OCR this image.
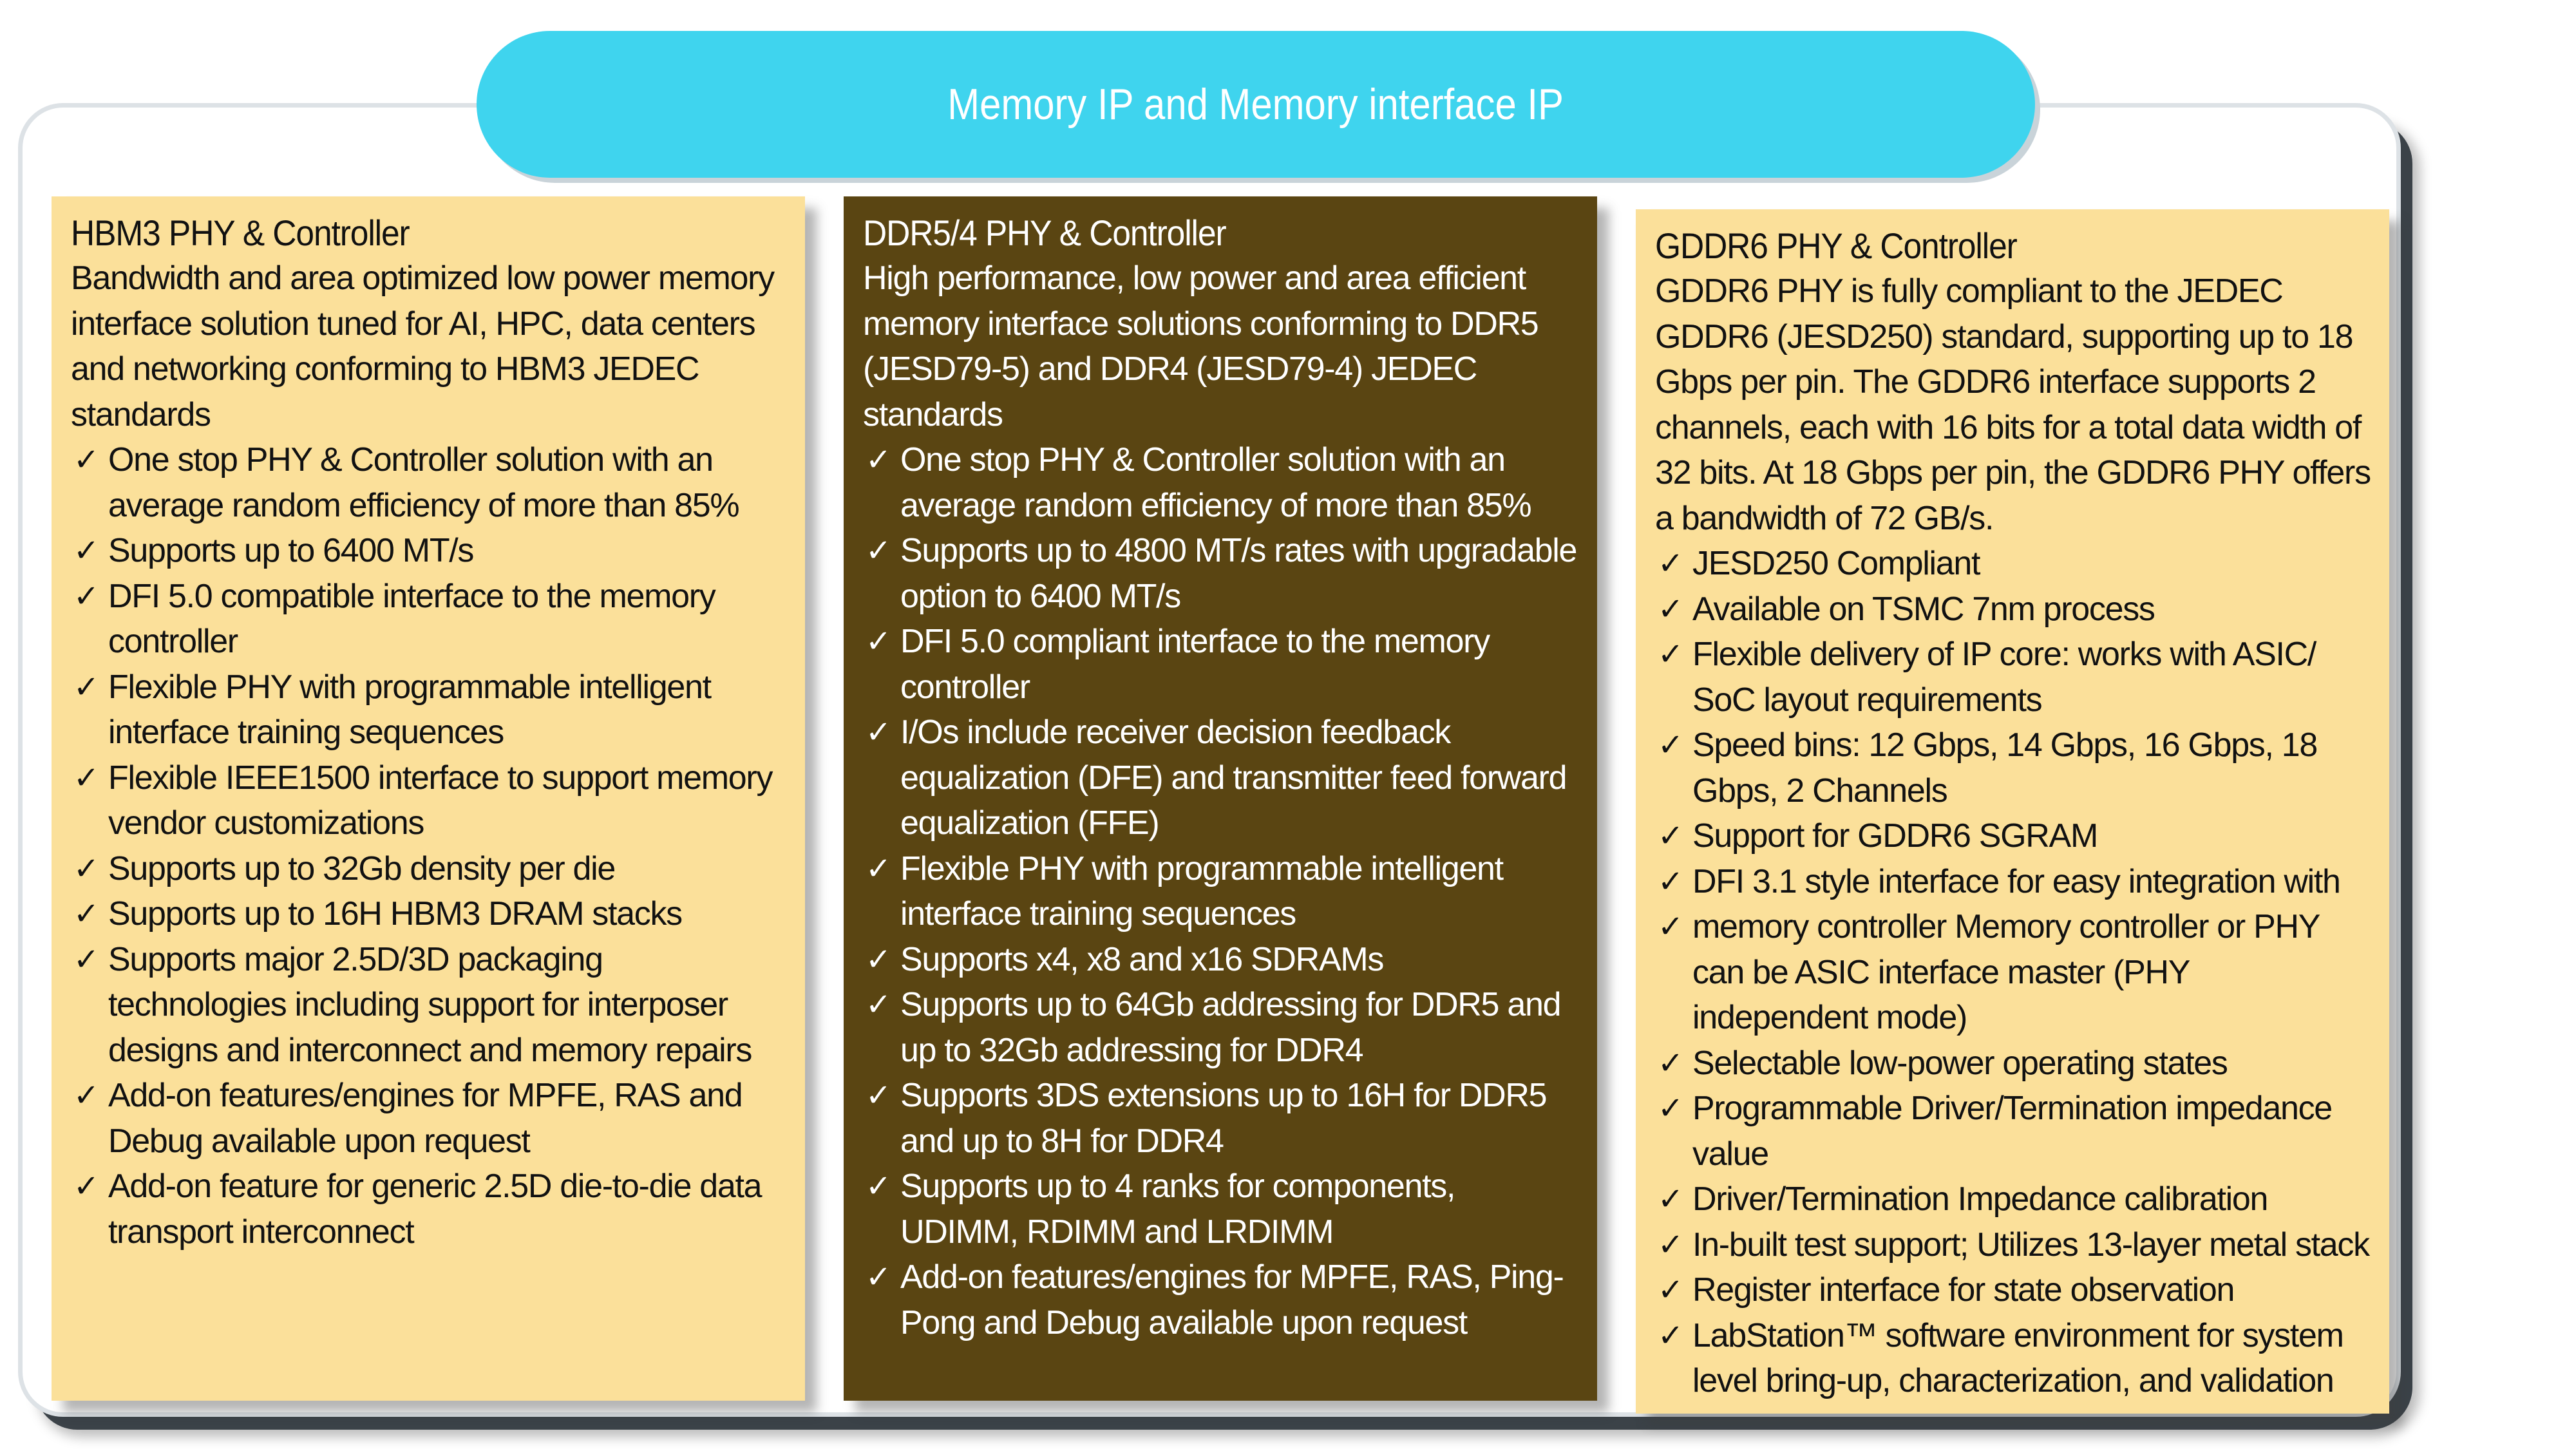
Memory IP and Memory interface IP
HBM3 PHY & Controller

Bandwidth and area optimized low power memory interface solution tuned for AI, HPC, data centers and networking conforming to HBM3 JEDEC standards

✓ One stop PHY & Controller solution with an average random efficiency of more than 85%
✓ Supports up to 6400 MT/s
✓ DFI 5.0 compatible interface to the memory controller
✓ Flexible PHY with programmable intelligent interface training sequences
✓ Flexible IEEE1500 interface to support memory vendor customizations
✓ Supports up to 32Gb density per die
✓ Supports up to 16H HBM3 DRAM stacks
✓ Supports major 2.5D/3D packaging technologies including support for interposer designs and interconnect and memory repairs
✓ Add-on features/engines for MPFE, RAS and Debug available upon request
✓ Add-on feature for generic 2.5D die-to-die data transport interconnect
DDR5/4 PHY & Controller

High performance, low power and area efficient memory interface solutions conforming to DDR5 (JESD79-5) and DDR4 (JESD79-4) JEDEC standards

✓ One stop PHY & Controller solution with an average random efficiency of more than 85%
✓ Supports up to 4800 MT/s rates with upgradable option to 6400 MT/s
✓ DFI 5.0 compliant interface to the memory controller
✓ I/Os include receiver decision feedback equalization (DFE) and transmitter feed forward equalization (FFE)
✓ Flexible PHY with programmable intelligent interface training sequences
✓ Supports x4, x8 and x16 SDRAMs
✓ Supports up to 64Gb addressing for DDR5 and up to 32Gb addressing for DDR4
✓ Supports 3DS extensions up to 16H for DDR5 and up to 8H for DDR4
✓ Supports up to 4 ranks for components, UDIMM, RDIMM and LRDIMM
✓ Add-on features/engines for MPFE, RAS, Ping-Pong and Debug available upon request
GDDR6 PHY & Controller

GDDR6 PHY is fully compliant to the JEDEC GDDR6 (JESD250) standard, supporting up to 18 Gbps per pin. The GDDR6 interface supports 2 channels, each with 16 bits for a total data width of 32 bits. At 18 Gbps per pin, the GDDR6 PHY offers a bandwidth of 72 GB/s.

✓ JESD250 Compliant
✓ Available on TSMC 7nm process
✓ Flexible delivery of IP core: works with ASIC/ SoC layout requirements
✓ Speed bins: 12 Gbps, 14 Gbps, 16 Gbps, 18 Gbps, 2 Channels
✓ Support for GDDR6 SGRAM
✓ DFI 3.1 style interface for easy integration with
✓ memory controller Memory controller or PHY can be ASIC interface master (PHY independent mode)
✓ Selectable low-power operating states
✓ Programmable Driver/Termination impedance value
✓ Driver/Termination Impedance calibration
✓ In-built test support; Utilizes 13-layer metal stack
✓ Register interface for state observation
✓ LabStation™ software environment for system level bring-up, characterization, and validation
